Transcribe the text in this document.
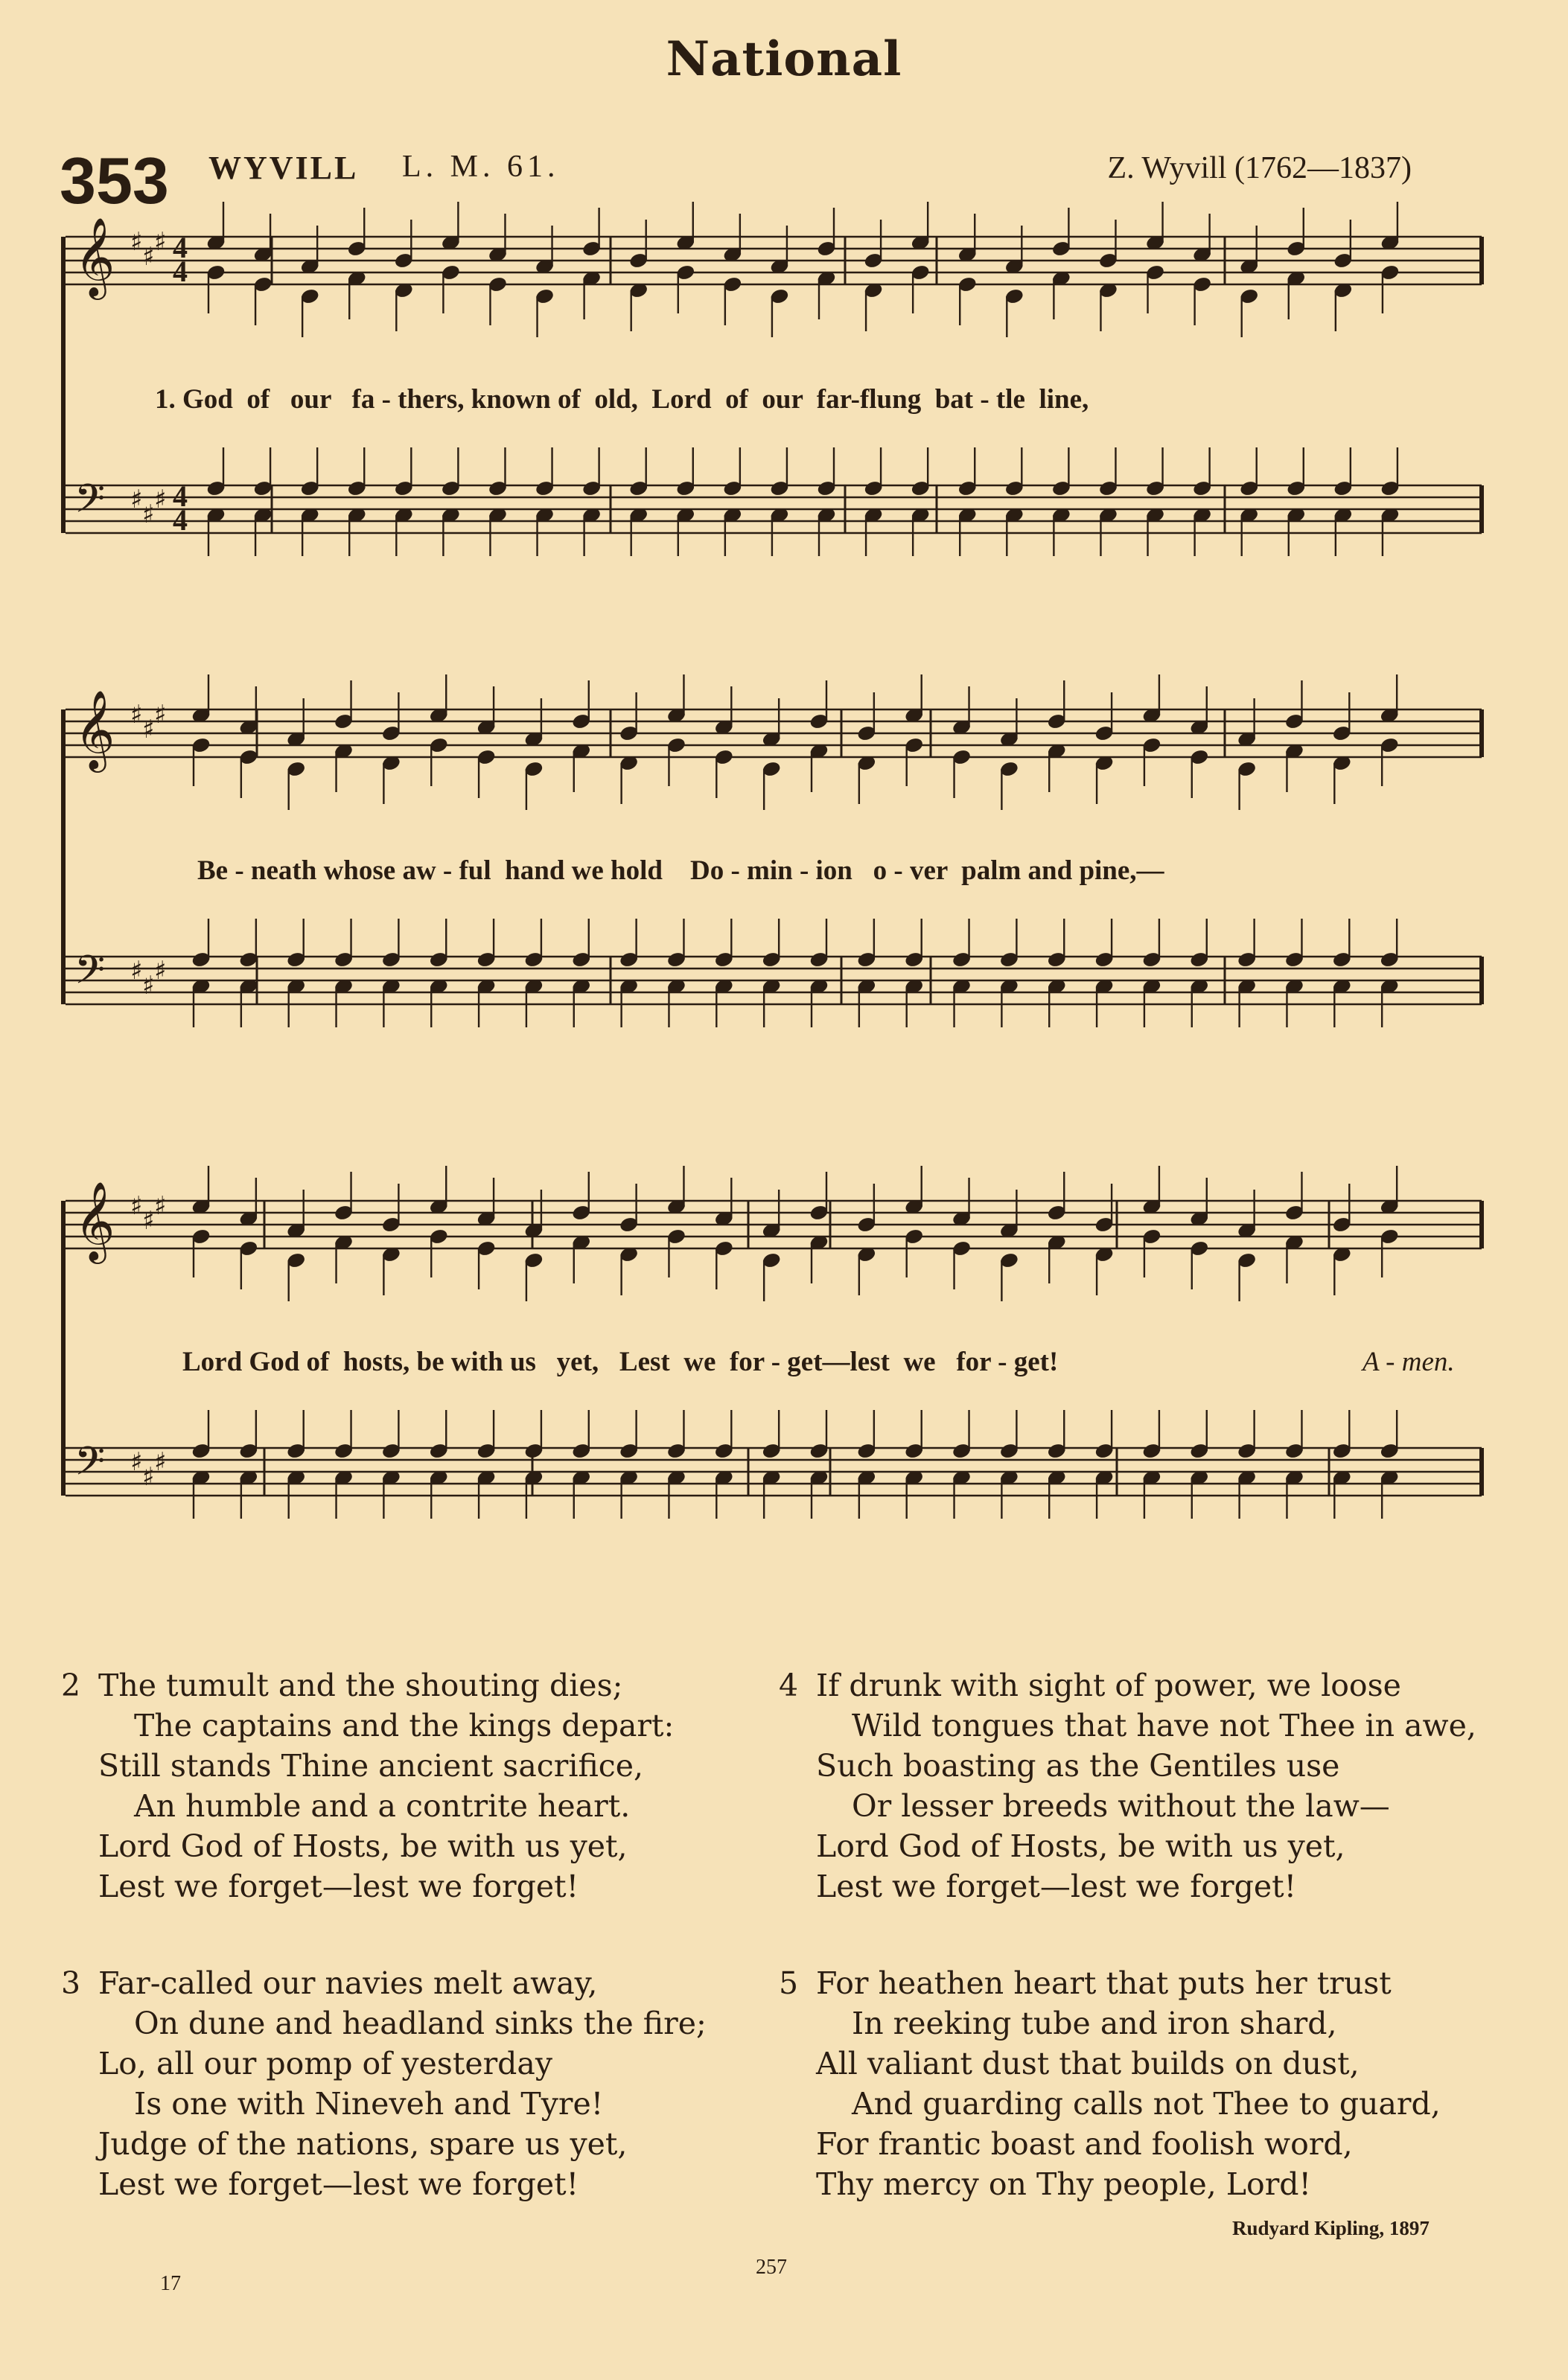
National
353 WYVILL L. M. 61.	Z. Wyvill (1762—1837)
𝄞
𝄢
♯
♯
♯
♯
♯
♯
4
4
4
4
𝄞
𝄢
♯
♯
♯
♯
♯
♯
𝄞
𝄢
♯
♯
♯
♯
♯
♯
1. God  of   our   fa - thers, known of  old,  Lord  of  our  far-flung  bat - tle  line,
Be - neath whose aw - ful  hand we hold    Do - min - ion   o - ver  palm and pine,—
Lord God of  hosts, be with us   yet,   Lest  we  for - get—lest  we   for - get!	A - men.
2 The tumult and the shouting dies;
The captains and the kings depart:
Still stands Thine ancient sacrifice,
An humble and a contrite heart.
Lord God of Hosts, be with us yet,
Lest we forget—lest we forget!
3 Far-called our navies melt away,
On dune and headland sinks the fire;
Lo, all our pomp of yesterday
Is one with Nineveh and Tyre!
Judge of the nations, spare us yet,
Lest we forget—lest we forget!
4 If drunk with sight of power, we loose
Wild tongues that have not Thee in awe,
Such boasting as the Gentiles use
Or lesser breeds without the law—
Lord God of Hosts, be with us yet,
Lest we forget—lest we forget!
5 For heathen heart that puts her trust
In reeking tube and iron shard,
All valiant dust that builds on dust,
And guarding calls not Thee to guard,
For frantic boast and foolish word,
Thy mercy on Thy people, Lord!
Rudyard Kipling, 1897
257
17
